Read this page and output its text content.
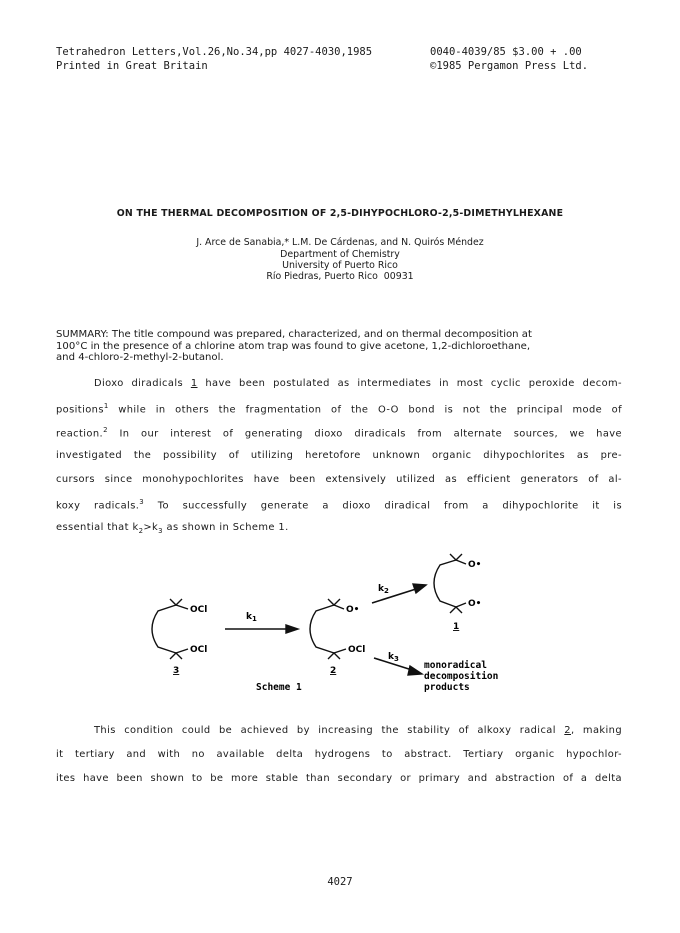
Tetrahedron Letters,Vol.26,No.34,pp 4027-4030,1985	0040-4039/85 $3.00 + .00
Printed in Great Britain	©1985 Pergamon Press Ltd.
ON THE THERMAL DECOMPOSITION OF 2,5-DIHYPOCHLORO-2,5-DIMETHYLHEXANE
J. Arce de Sanabia,* L.M. De Cárdenas, and N. Quirós Méndez
Department of Chemistry
University of Puerto Rico
Río Piedras, Puerto Rico  00931
SUMMARY: The title compound was prepared, characterized, and on thermal decomposition at
100°C in the presence of a chlorine atom trap was found to give acetone, 1,2-dichloroethane,
and 4-chloro-2-methyl-2-butanol.
Dioxo diradicals 1 have been postulated as intermediates in most cyclic peroxide decom-
positions$^1$ while in others the fragmentation of the O-O bond is not the principal mode of
reaction.$^2$ In our interest of generating dioxo diradicals from alternate sources, we have
investigated the possibility of utilizing heretofore unknown organic dihypochlorites as pre-
cursors since monohypochlorites have been extensively utilized as efficient generators of al-
koxy radicals.$^3$ To successfully generate a dioxo diradical from a dihypochlorite it is
essential that $k_2>k_3$ as shown in Scheme 1.
OCl
OCl
$k_1$
O•
OCl
$k_2$
O•
O•
$k_3$
1
2
3	monoradical
decomposition
products
Scheme 1
This condition could be achieved by increasing the stability of alkoxy radical 2, making
it tertiary and with no available delta hydrogens to abstract. Tertiary organic hypochlor-
ites have been shown to be more stable than secondary or primary and abstraction of a delta
4027
